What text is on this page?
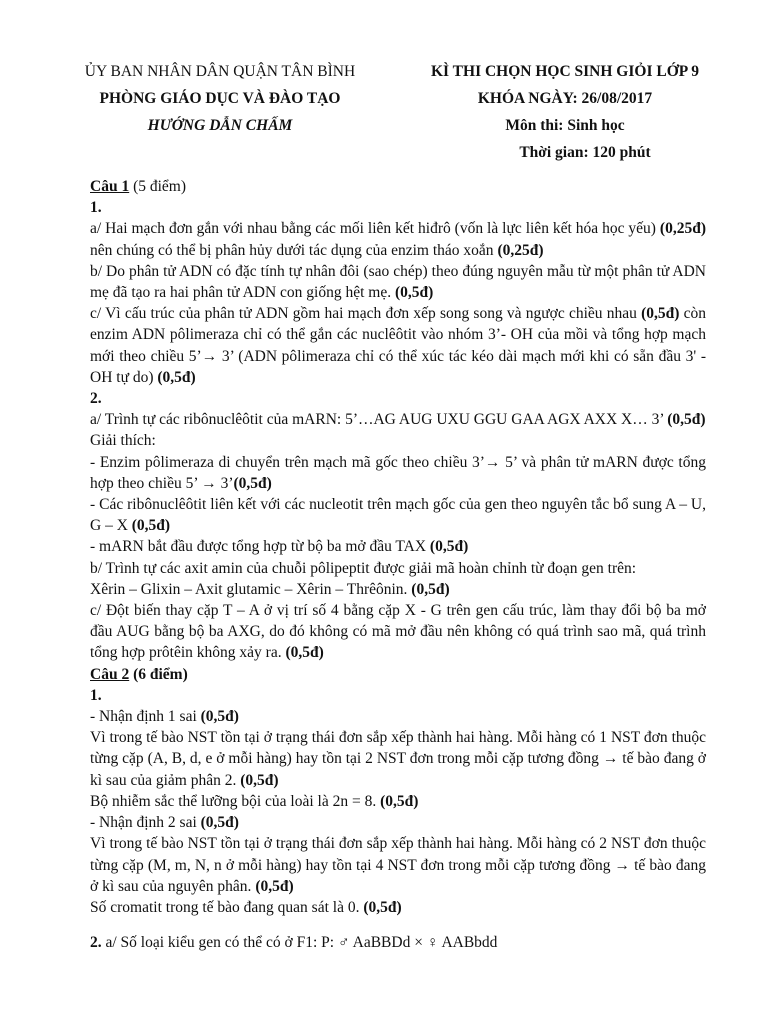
ỦY BAN NHÂN DÂN QUẬN TÂN BÌNH
PHÒNG GIÁO DỤC VÀ ĐÀO TẠO
HƯỚNG DẪN CHẤM
KÌ THI CHỌN HỌC SINH GIỎI LỚP 9
KHÓA NGÀY: 26/08/2017
Môn thi: Sinh học
Thời gian: 120 phút

Câu 1 (5 điểm)

1.

a/ Hai mạch đơn gắn với nhau bằng các mối liên kết hiđrô (vốn là lực liên kết hóa học yếu) (0,25đ) nên chúng có thể bị phân hủy dưới tác dụng của enzim tháo xoắn (0,25đ)

b/ Do phân tử ADN có đặc tính tự nhân đôi (sao chép) theo đúng nguyên mẫu từ một phân tử ADN mẹ đã tạo ra hai phân tử ADN con giống hệt mẹ. (0,5đ)

c/ Vì cấu trúc của phân tử ADN gồm hai mạch đơn xếp song song và ngược chiều nhau (0,5đ) còn enzim ADN pôlimeraza chỉ có thể gắn các nuclêôtit vào nhóm 3’- OH của mồi và tổng hợp mạch mới theo chiều 5’→ 3’ (ADN pôlimeraza chỉ có thể xúc tác kéo dài mạch mới khi có sẵn đầu 3' - OH tự do) (0,5đ)

2.

a/ Trình tự các ribônuclêôtit của mARN: 5’…AG AUG UXU GGU GAA AGX AXX X… 3’ (0,5đ)

Giải thích:

- Enzim pôlimeraza di chuyển trên mạch mã gốc theo chiều 3’→ 5’ và phân tử mARN được tổng hợp theo chiều 5’ → 3’(0,5đ)

- Các ribônuclêôtit liên kết với các nucleotit trên mạch gốc của gen theo nguyên tắc bổ sung A – U, G – X (0,5đ)

- mARN bắt đầu được tổng hợp từ bộ ba mở đầu TAX (0,5đ)

b/ Trình tự các axit amin của chuỗi pôlipeptit được giải mã hoàn chỉnh từ đoạn gen trên:

Xêrin – Glixin – Axit glutamic – Xêrin – Thrêônin. (0,5đ)

c/ Đột biến thay cặp T – A ở vị trí số 4 bằng cặp X - G trên gen cấu trúc, làm thay đổi bộ ba mở đầu AUG bằng bộ ba AXG, do đó không có mã mở đầu nên không có quá trình sao mã, quá trình tổng hợp prôtêin không xảy ra. (0,5đ)

Câu 2 (6 điểm)

1.

- Nhận định 1 sai (0,5đ)

Vì trong tế bào NST tồn tại ở trạng thái đơn sắp xếp thành hai hàng. Mỗi hàng có 1 NST đơn thuộc từng cặp (A, B, d, e ở mỗi hàng) hay tồn tại 2 NST đơn trong mỗi cặp tương đồng → tế bào đang ở kì sau của giảm phân 2. (0,5đ)

Bộ nhiễm sắc thể lưỡng bội của loài là 2n = 8. (0,5đ)

- Nhận định 2 sai (0,5đ)

Vì trong tế bào NST tồn tại ở trạng thái đơn sắp xếp thành hai hàng. Mỗi hàng có 2 NST đơn thuộc từng cặp (M, m, N, n ở mỗi hàng) hay tồn tại 4 NST đơn trong mỗi cặp tương đồng → tế bào đang ở kì sau của nguyên phân. (0,5đ)

Số cromatit trong tế bào đang quan sát là 0. (0,5đ)

2. a/ Số loại kiểu gen có thể có ở F1: P: ♂ AaBBDd × ♀ AABbdd
